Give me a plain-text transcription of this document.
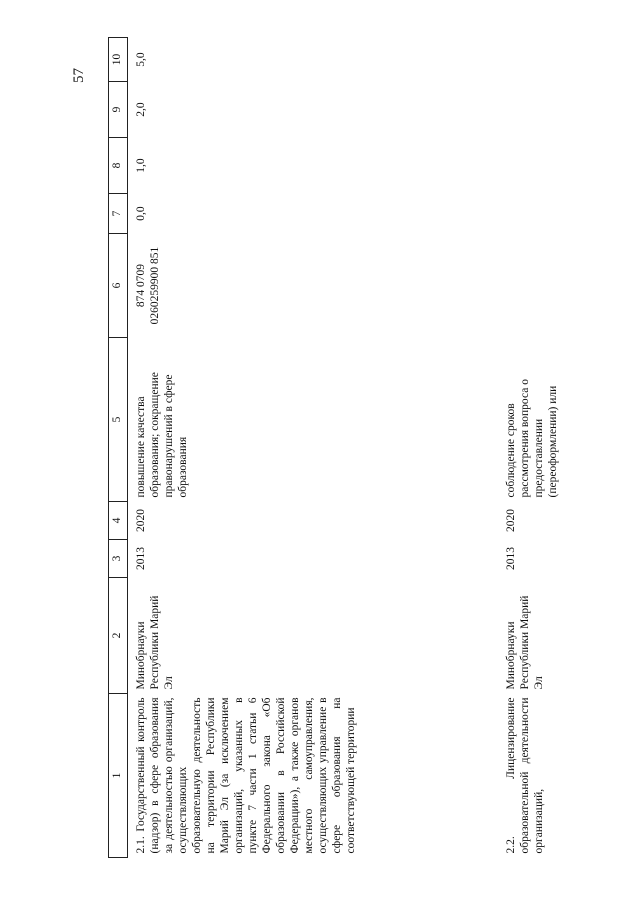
57
1	2	3	4	5	6	7	8	9	10
2.1. Государственный контроль (надзор) в сфере образования за деятельностью организаций, осуществляющих образовательную деятельность на территории Республики Марий Эл (за исключением организаций, указанных в пункте 7 части 1 статьи 6 Федерального закона «Об образовании в Российской Федерации»), а также органов местного самоуправления, осуществляющих управление в сфере образования на соответствующей территории	Минобрнауки Республики Марий Эл	2013	2020	повышение качества образования; сокращение правонарушений в сфере образования	874 0709 0260259900 851	0,0	1,0	2,0	5,0
2.2. Лицензирование образовательной деятельности организаций,	Минобрнауки Республики Марий Эл	2013	2020	соблюдение сроков рассмотрения вопроса о предоставлении (переоформлении) или					
